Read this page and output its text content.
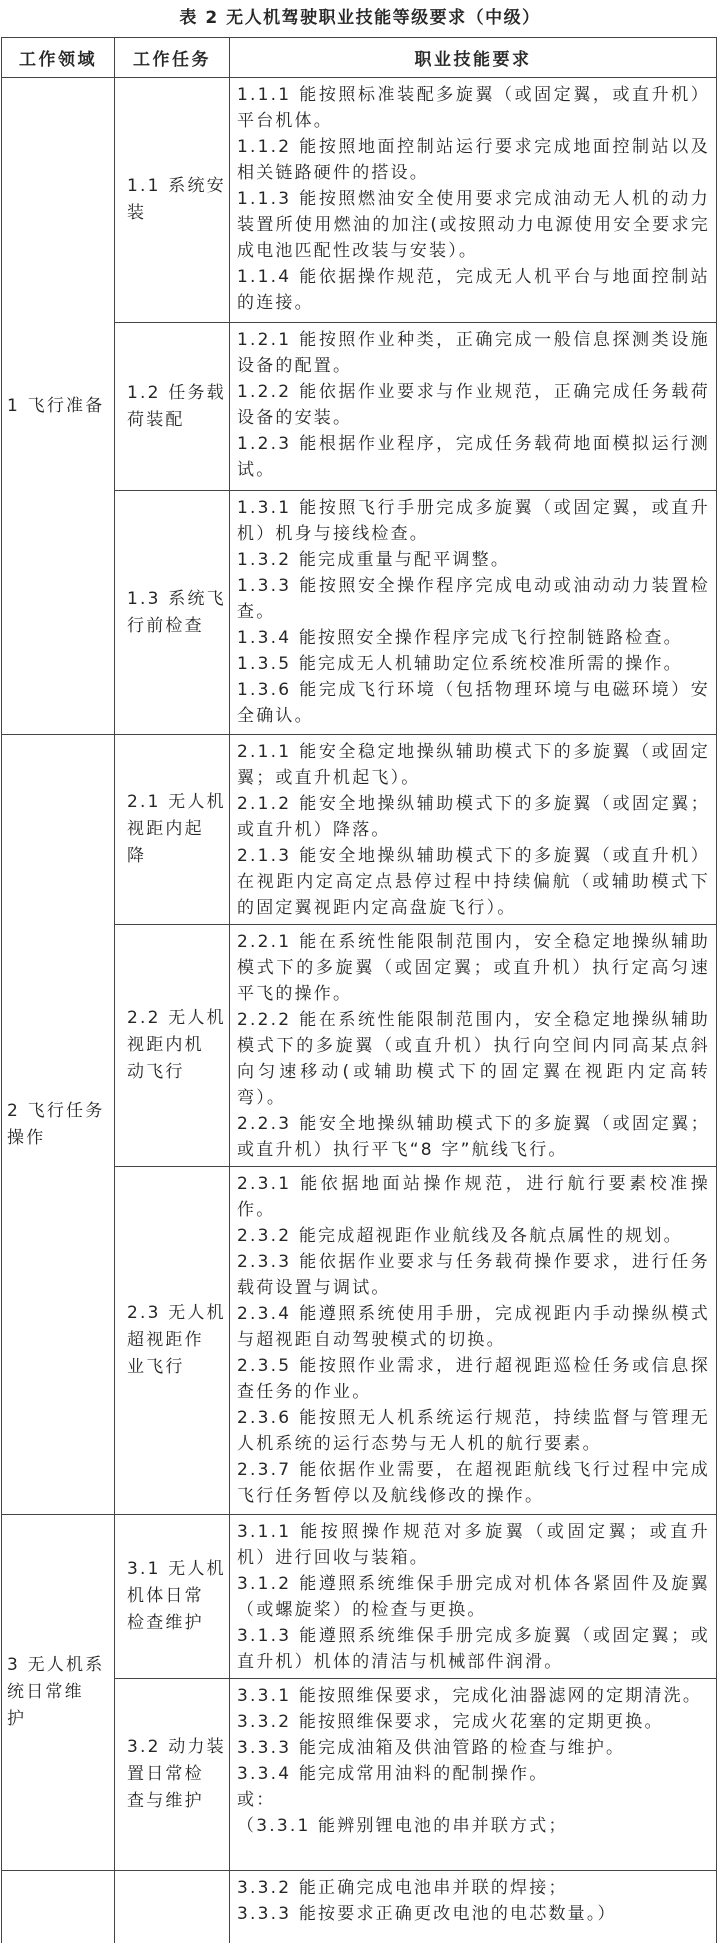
表 2 无人机驾驶职业技能等级要求（中级）
工作领域	工作任务	职业技能要求
1 飞行准备
1.1 系统安
装

1.1.1 能按照标准装配多旋翼（或固定翼，或直升机）平台机体。

1.1.2 能按照地面控制站运行要求完成地面控制站以及相关链路硬件的搭设。

1.1.3 能按照燃油安全使用要求完成油动无人机的动力装置所使用燃油的加注(或按照动力电源使用安全要求完成电池匹配性改装与安装）。

1.1.4 能依据操作规范，完成无人机平台与地面控制站的连接。

1.2 任务载
荷装配

1.2.1 能按照作业种类，正确完成一般信息探测类设施设备的配置。

1.2.2 能依据作业要求与作业规范，正确完成任务载荷设备的安装。

1.2.3 能根据作业程序，完成任务载荷地面模拟运行测试。

1.3 系统飞
行前检查

1.3.1 能按照飞行手册完成多旋翼（或固定翼，或直升机）机身与接线检查。

1.3.2 能完成重量与配平调整。

1.3.3 能按照安全操作程序完成电动或油动动力装置检查。

1.3.4 能按照安全操作程序完成飞行控制链路检查。

1.3.5 能完成无人机辅助定位系统校准所需的操作。

1.3.6 能完成飞行环境（包括物理环境与电磁环境）安全确认。

2 飞行任务
操作
2.1 无人机
视距内起
降

2.1.1 能安全稳定地操纵辅助模式下的多旋翼（或固定翼；或直升机起飞）。

2.1.2 能安全地操纵辅助模式下的多旋翼（或固定翼；或直升机）降落。

2.1.3 能安全地操纵辅助模式下的多旋翼（或直升机）在视距内定高定点悬停过程中持续偏航（或辅助模式下的固定翼视距内定高盘旋飞行）。

2.2 无人机
视距内机
动飞行

2.2.1 能在系统性能限制范围内，安全稳定地操纵辅助模式下的多旋翼（或固定翼；或直升机）执行定高匀速平飞的操作。

2.2.2 能在系统性能限制范围内，安全稳定地操纵辅助模式下的多旋翼（或直升机）执行向空间内同高某点斜向匀速移动(或辅助模式下的固定翼在视距内定高转弯）。

2.2.3 能安全地操纵辅助模式下的多旋翼（或固定翼；或直升机）执行平飞“8 字”航线飞行。

2.3 无人机
超视距作
业飞行

2.3.1 能依据地面站操作规范，进行航行要素校准操作。

2.3.2 能完成超视距作业航线及各航点属性的规划。

2.3.3 能依据作业要求与任务载荷操作要求，进行任务载荷设置与调试。

2.3.4 能遵照系统使用手册，完成视距内手动操纵模式与超视距自动驾驶模式的切换。

2.3.5 能按照作业需求，进行超视距巡检任务或信息探查任务的作业。

2.3.6 能按照无人机系统运行规范，持续监督与管理无人机系统的运行态势与无人机的航行要素。

2.3.7 能依据作业需要，在超视距航线飞行过程中完成飞行任务暂停以及航线修改的操作。

3 无人机系
统日常维
护
3.1 无人机
机体日常
检查维护

3.1.1 能按照操作规范对多旋翼（或固定翼；或直升机）进行回收与装箱。

3.1.2 能遵照系统维保手册完成对机体各紧固件及旋翼（或螺旋桨）的检查与更换。

3.1.3 能遵照系统维保手册完成多旋翼（或固定翼；或直升机）机体的清洁与机械部件润滑。

3.2 动力装
置日常检
查与维护

3.3.1 能按照维保要求，完成化油器滤网的定期清洗。

3.3.2 能按照维保要求，完成火花塞的定期更换。

3.3.3 能完成油箱及供油管路的检查与维护。

3.3.4 能完成常用油料的配制操作。

或：

（3.3.1 能辨别锂电池的串并联方式；

3.3.2 能正确完成电池串并联的焊接；

3.3.3 能按要求正确更改电池的电芯数量。）
